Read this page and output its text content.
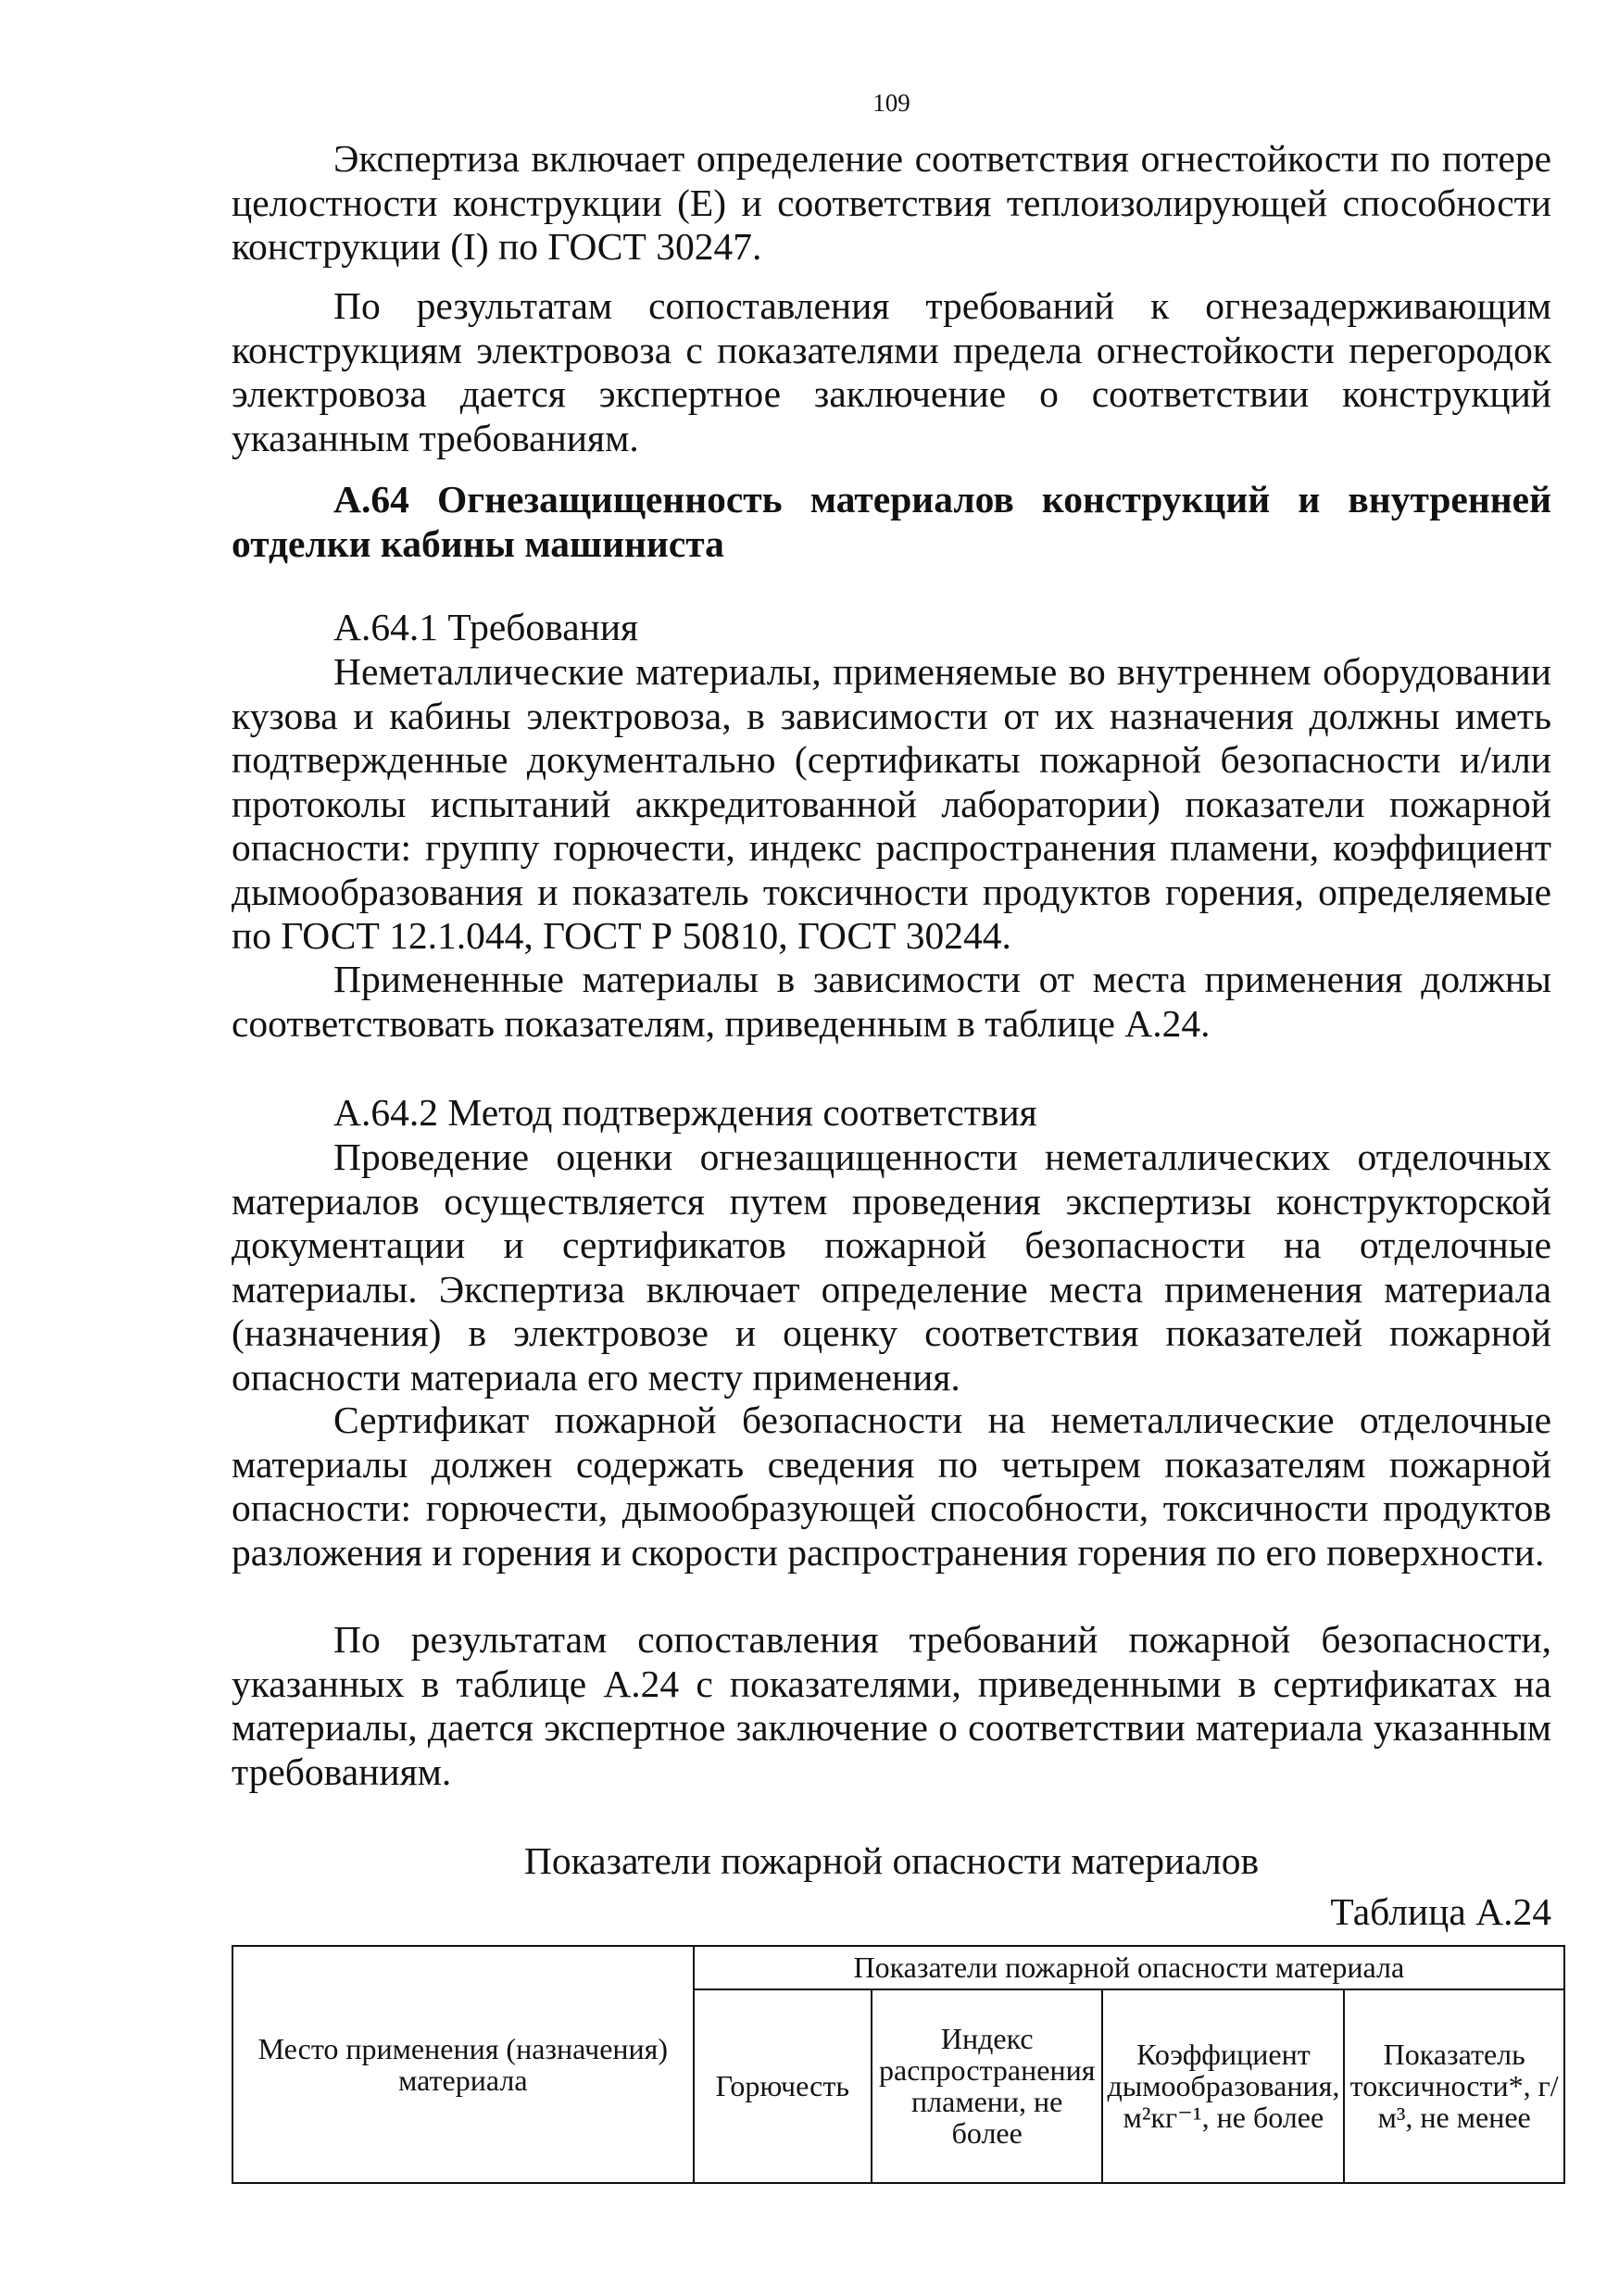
109

Экспертиза включает определение соответствия огнестойкости по потере целостности конструкции (Е) и соответствия теплоизолирующей способности конструкции (I) по ГОСТ 30247.

По результатам сопоставления требований к огнезадерживающим конструкциям электровоза с показателями предела огнестойкости перегородок электровоза дается экспертное заключение о соответствии конструкций указанным требованиям.

А.64 Огнезащищенность материалов конструкций и внутренней отделки кабины машиниста
А.64.1 Требования

Неметаллические материалы, применяемые во внутреннем оборудовании кузова и кабины электровоза, в зависимости от их назначения должны иметь подтвержденные документально (сертификаты пожарной безопасности и/или протоколы испытаний аккредитованной лаборатории) показатели пожарной опасности: группу горючести, индекс распространения пламени, коэффициент дымообразования и показатель токсичности продуктов горения, определяемые по ГОСТ 12.1.044, ГОСТ Р 50810, ГОСТ 30244.

Примененные материалы в зависимости от места применения должны соответствовать показателям, приведенным в таблице А.24.

А.64.2 Метод подтверждения соответствия

Проведение оценки огнезащищенности неметаллических отделочных материалов осуществляется путем проведения экспертизы конструкторской документации и сертификатов пожарной безопасности на отделочные материалы. Экспертиза включает определение места применения материала (назначения) в электровозе и оценку соответствия показателей пожарной опасности материала его месту применения.

Сертификат пожарной безопасности на неметаллические отделочные материалы должен содержать сведения по четырем показателям пожарной опасности: горючести, дымообразующей способности, токсичности продуктов разложения и горения и скорости распространения горения по его поверхности.

По результатам сопоставления требований пожарной безопасности, указанных в таблице А.24 с показателями, приведенными в сертификатах на материалы, дается экспертное заключение о соответствии материала указанным требованиям.

Показатели пожарной опасности материалов
Таблица А.24
Место применения (назначения) материала	Показатели пожарной опасности материала			
	Горючесть	Индекс распространения пламени, не более	Коэффициент дымообразования, м²кг⁻¹, не более	Показатель токсичности*, г/м³, не менее
